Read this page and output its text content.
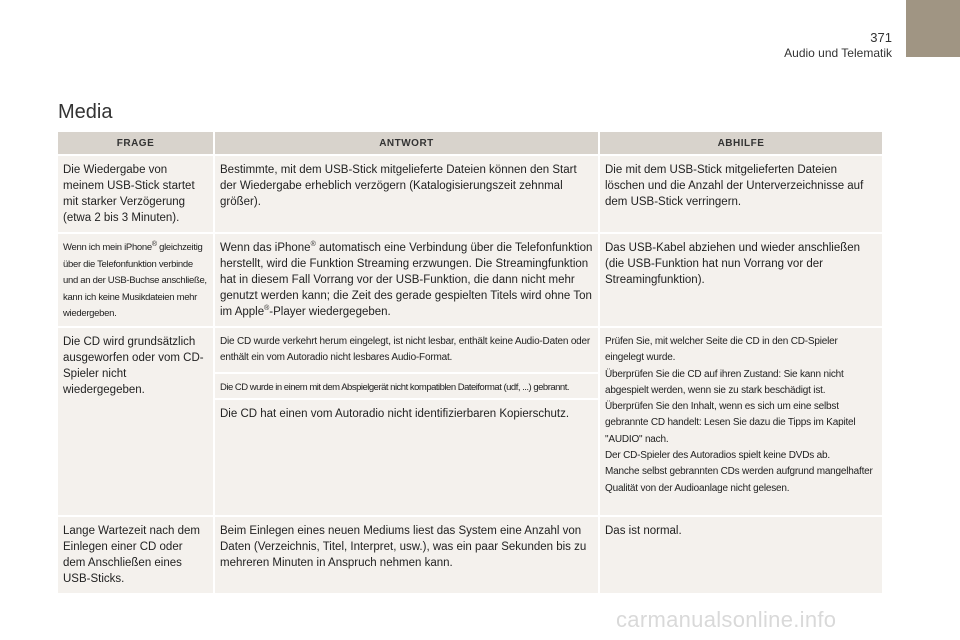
371
Audio und Telematik
Media
FRAGE	ANTWORT	ABHILFE
Die Wiedergabe von meinem USB-Stick startet mit starker Verzögerung (etwa 2 bis 3 Minuten).
Bestimmte, mit dem USB-Stick mitgelieferte Dateien können den Start der Wiedergabe erheblich verzögern (Katalogisierungszeit zehnmal größer).
Die mit dem USB-Stick mitgelieferten Dateien löschen und die Anzahl der Unterverzeichnisse auf dem USB-Stick verringern.
Wenn ich mein iPhone® gleichzeitig über die Telefonfunktion verbinde und an der USB-Buchse anschließe, kann ich keine Musikdateien mehr wiedergeben.
Wenn das iPhone® automatisch eine Verbindung über die Telefonfunktion herstellt, wird die Funktion Streaming erzwungen. Die Streamingfunktion hat in diesem Fall Vorrang vor der USB-Funktion, die dann nicht mehr genutzt werden kann; die Zeit des gerade gespielten Titels wird ohne Ton im Apple®-Player wiedergegeben.
Das USB-Kabel abziehen und wieder anschließen (die USB-Funktion hat nun Vorrang vor der Streamingfunktion).
Die CD wird grundsätzlich ausgeworfen oder vom CD-Spieler nicht wiedergegeben.
Die CD wurde verkehrt herum eingelegt, ist nicht lesbar, enthält keine Audio-Daten oder enthält ein vom Autoradio nicht lesbares Audio-Format.
Die CD wurde in einem mit dem Abspielgerät nicht kompatiblen Dateiformat (udf, ...) gebrannt.
Die CD hat einen vom Autoradio nicht identifizierbaren Kopierschutz.
Prüfen Sie, mit welcher Seite die CD in den CD-Spieler eingelegt wurde.
Überprüfen Sie die CD auf ihren Zustand: Sie kann nicht abgespielt werden, wenn sie zu stark beschädigt ist.
Überprüfen Sie den Inhalt, wenn es sich um eine selbst gebrannte CD handelt: Lesen Sie dazu die Tipps im Kapitel "AUDIO" nach.
Der CD-Spieler des Autoradios spielt keine DVDs ab.
Manche selbst gebrannten CDs werden aufgrund mangelhafter Qualität von der Audioanlage nicht gelesen.
Lange Wartezeit nach dem Einlegen einer CD oder dem Anschließen eines USB-Sticks.
Beim Einlegen eines neuen Mediums liest das System eine Anzahl von Daten (Verzeichnis, Titel, Interpret, usw.), was ein paar Sekunden bis zu mehreren Minuten in Anspruch nehmen kann.
Das ist normal.
carmanualsonline.info
